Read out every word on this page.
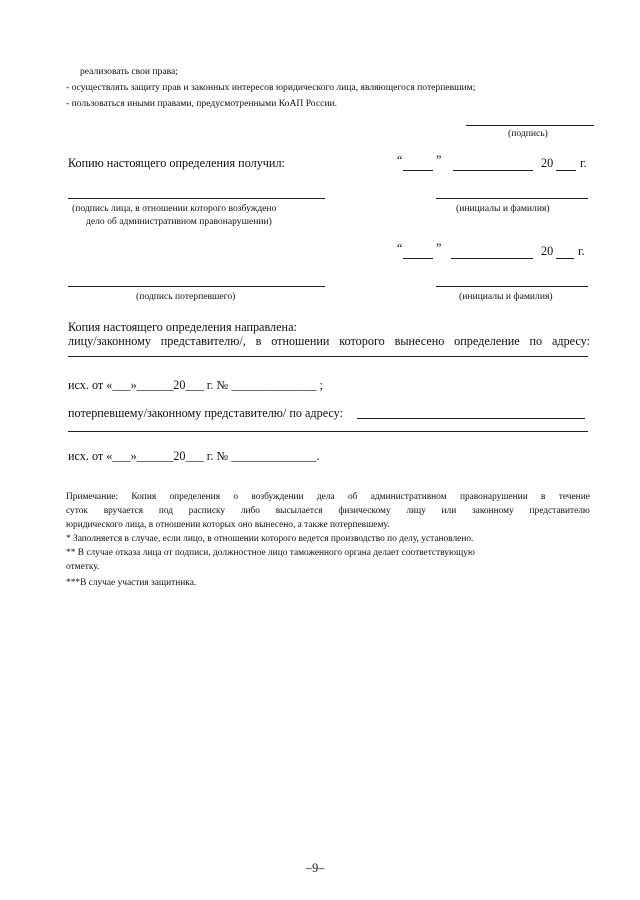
реализовать свои права;
- осуществлять защиту прав и законных интересов юридического лица, являющегося потерпевшим;
- пользоваться иными правами, предусмотренными КоАП России.
(подпись)
Копию настоящего определения получил:	“	”	20 г.
(подпись лица, в отношении которого возбуждено
дело об административном правонарушении)
(инициалы и фамилия)
“	”	20 г.
(подпись потерпевшего)	(инициалы и фамилия)
Копия настоящего определения направлена:
лицу/законному представителю/, в отношении которого вынесено определение по адресу:
исх. от «___»______20___ г. № ______________ ;
потерпевшему/законному представителю/ по адресу:
исх. от «___»______20___ г. № ______________.
Примечание: Копия определения о возбуждении дела об административном правонарушении в течение
суток вручается под расписку либо высылается физическому лицу или законному представителю
юридического лица, в отношении которых оно вынесено, а также потерпевшему.
* Заполняется в случае, если лицо, в отношении которого ведется производство по делу, установлено.
** В случае отказа лица от подписи, должностное лицо таможенного органа делает соответствующую
отметку.
***В случае участия защитника.
–9–
